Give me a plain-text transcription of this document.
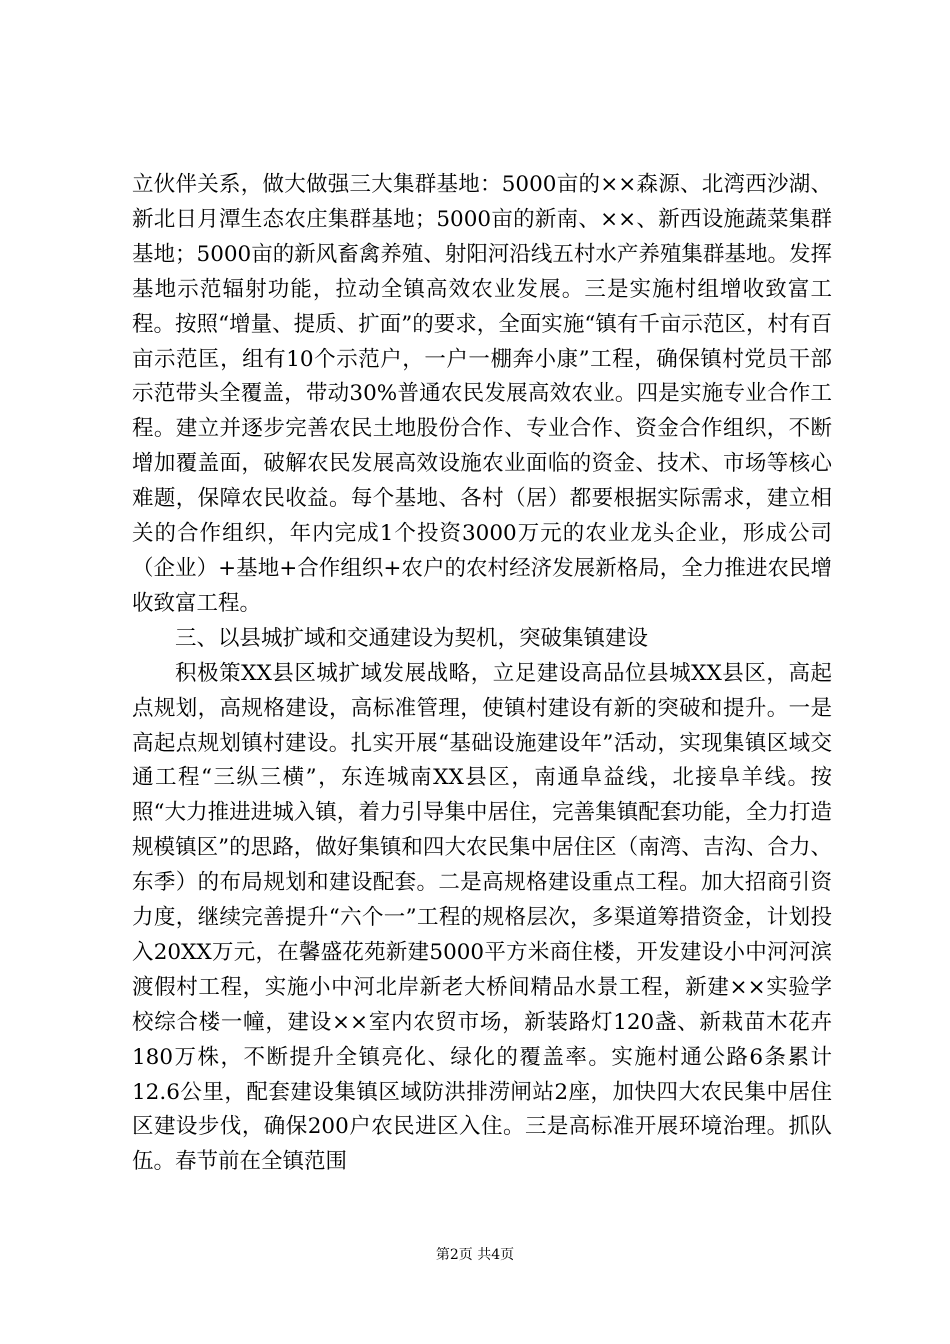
立伙伴关系，做大做强三大集群基地：5000亩的××森源、北湾西沙湖、新北日月潭生态农庄集群基地；5000亩的新南、××、新西设施蔬菜集群基地；5000亩的新风畜禽养殖、射阳河沿线五村水产养殖集群基地。发挥基地示范辐射功能，拉动全镇高效农业发展。三是实施村组增收致富工程。按照“增量、提质、扩面”的要求，全面实施“镇有千亩示范区，村有百亩示范匡，组有10个示范户，一户一棚奔小康”工程，确保镇村党员干部示范带头全覆盖，带动30%普通农民发展高效农业。四是实施专业合作工程。建立并逐步完善农民土地股份合作、专业合作、资金合作组织，不断增加覆盖面，破解农民发展高效设施农业面临的资金、技术、市场等核心难题，保障农民收益。每个基地、各村（居）都要根据实际需求，建立相关的合作组织，年内完成1个投资3000万元的农业龙头企业，形成公司（企业）+基地+合作组织+农户的农村经济发展新格局，全力推进农民增收致富工程。

三、以县城扩域和交通建设为契机，突破集镇建设

积极策XX县区城扩域发展战略，立足建设高品位县城XX县区，高起点规划，高规格建设，高标准管理，使镇村建设有新的突破和提升。一是高起点规划镇村建设。扎实开展“基础设施建设年”活动，实现集镇区域交通工程“三纵三横”，东连城南XX县区，南通阜益线，北接阜羊线。按照“大力推进进城入镇，着力引导集中居住，完善集镇配套功能，全力打造规模镇区”的思路，做好集镇和四大农民集中居住区（南湾、吉沟、合力、东季）的布局规划和建设配套。二是高规格建设重点工程。加大招商引资力度，继续完善提升“六个一”工程的规格层次，多渠道筹措资金，计划投入20XX万元，在馨盛花苑新建5000平方米商住楼，开发建设小中河河滨渡假村工程，实施小中河北岸新老大桥间精品水景工程，新建××实验学校综合楼一幢，建设××室内农贸市场，新装路灯120盏、新栽苗木花卉180万株，不断提升全镇亮化、绿化的覆盖率。实施村通公路6条累计12.6公里，配套建设集镇区域防洪排涝闸站2座，加快四大农民集中居住区建设步伐，确保200户农民进区入住。三是高标准开展环境治理。抓队伍。春节前在全镇范围

第2页 共4页
